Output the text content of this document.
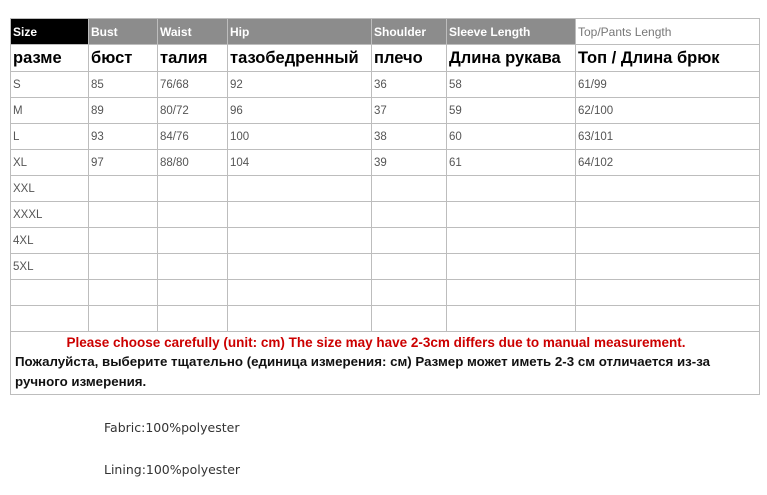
Size	Bust	Waist	Hip	Shoulder	Sleeve Length	Top/Pants Length
разме	бюст	талия	тазобедренный	плечо	Длина рукава	Топ / Длина брюк
S	85	76/68	92	36	58	61/99
M	89	80/72	96	37	59	62/100
L	93	84/76	100	38	60	63/101
XL	97	88/80	104	39	61	64/102
XXL						
XXXL						
4XL						
5XL						

Please choose carefully (unit: cm) The size may have 2-3cm differs due to manual measurement.
Пожалуйста, выберите тщательно (единица измерения: см) Размер может иметь 2-3 см отличается из-за ручного измерения.						
Fabric:100%polyester
Lining:100%polyester
